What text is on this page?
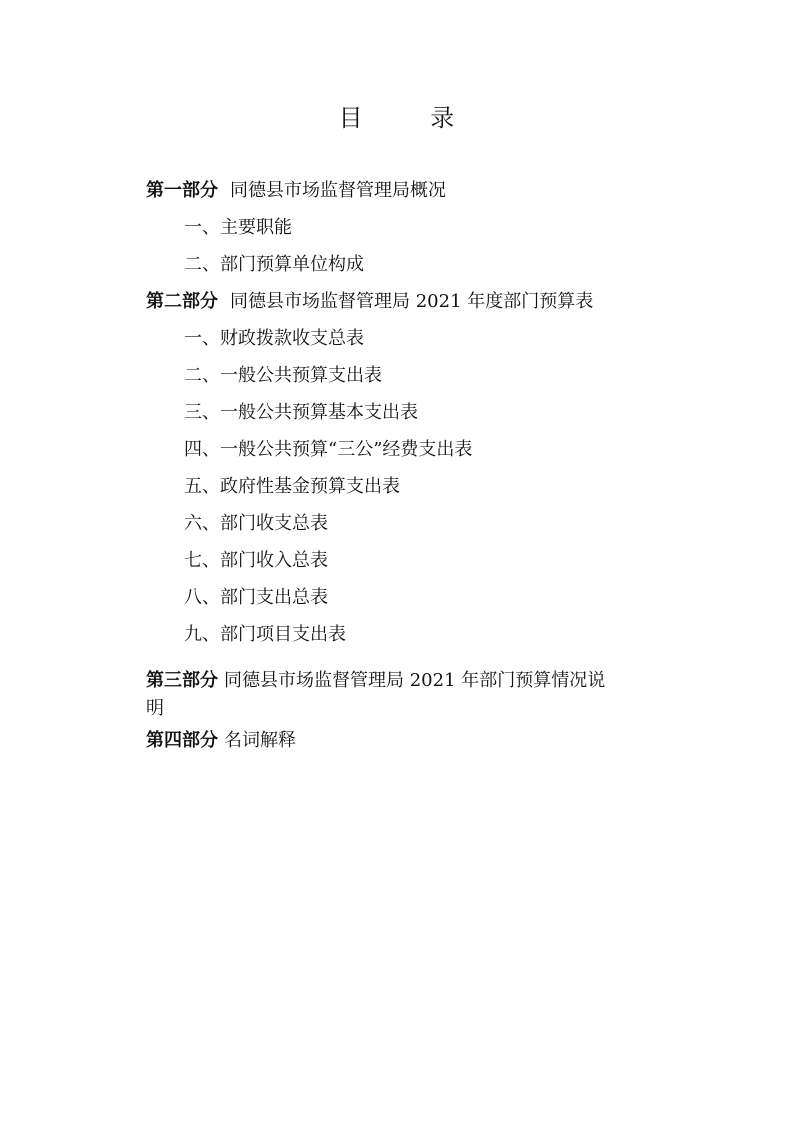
目 录
第一部分 同德县市场监督管理局概况
一、主要职能
二、部门预算单位构成
第二部分 同德县市场监督管理局 2021 年度部门预算表
一、财政拨款收支总表
二、一般公共预算支出表
三、一般公共预算基本支出表
四、一般公共预算“三公”经费支出表
五、政府性基金预算支出表
六、部门收支总表
七、部门收入总表
八、部门支出总表
九、部门项目支出表
第三部分 同德县市场监督管理局 2021 年部门预算情况说
明
第四部分 名词解释
